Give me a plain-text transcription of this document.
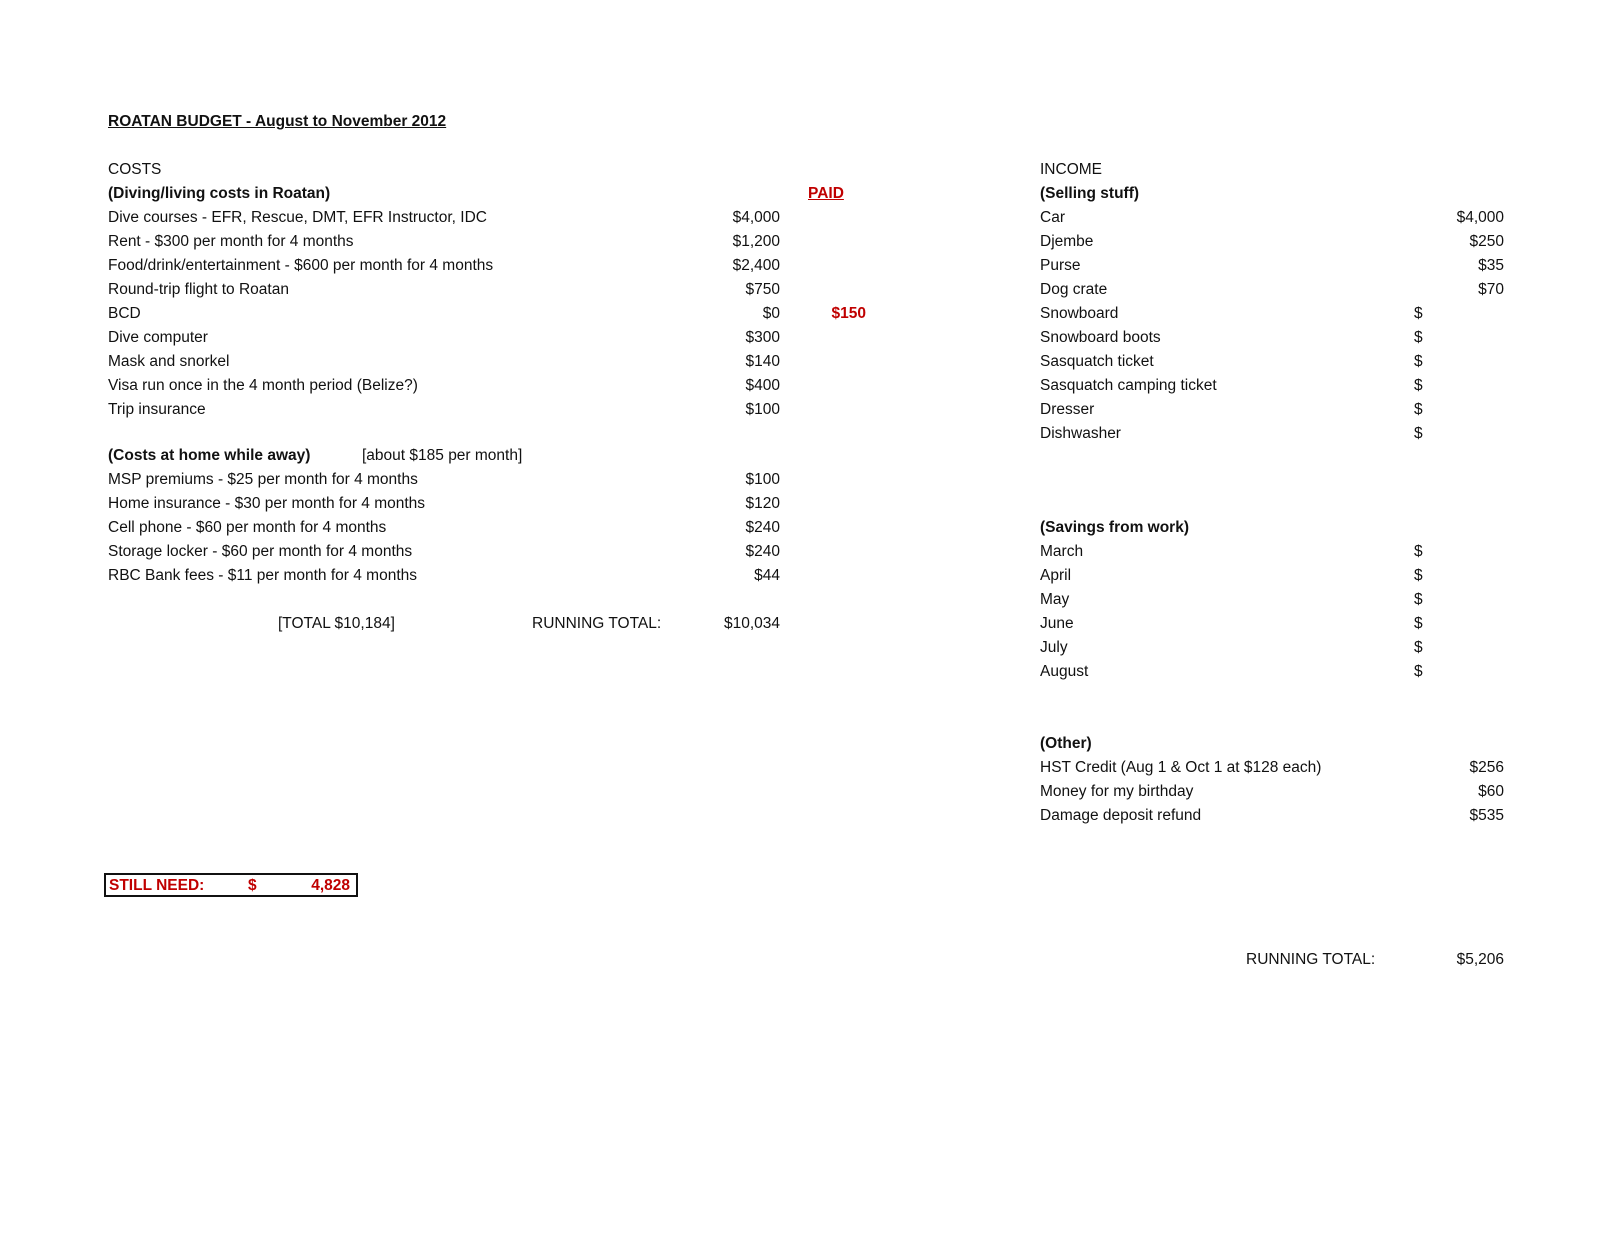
ROATAN BUDGET - August to November 2012
COSTS
(Diving/living costs in Roatan)	PAID
Dive courses - EFR, Rescue, DMT, EFR Instructor, IDC	$4,000
Rent - $300 per month for 4 months	$1,200
Food/drink/entertainment - $600 per month for 4 months	$2,400
Round-trip flight to Roatan	$750
BCD	$0	$150
Dive computer	$300
Mask and snorkel	$140
Visa run once in the 4 month period (Belize?)	$400
Trip insurance	$100
(Costs at home while away)	[about $185 per month]
MSP premiums - $25 per month for 4 months	$100
Home insurance - $30 per month for 4 months	$120
Cell phone - $60 per month for 4 months	$240
Storage locker - $60 per month for 4 months	$240
RBC Bank fees - $11 per month for 4 months	$44
[TOTAL $10,184]	RUNNING TOTAL:	$10,034
STILL NEED:	$	4,828
INCOME
(Selling stuff)
Car	$4,000
Djembe	$250
Purse	$35
Dog crate	$70
Snowboard	$
Snowboard boots	$
Sasquatch ticket	$
Sasquatch camping ticket	$
Dresser	$
Dishwasher	$
(Savings from work)
March	$
April	$
May	$
June	$
July	$
August	$
(Other)
HST Credit (Aug 1 & Oct 1 at $128 each)	$256
Money for my birthday	$60
Damage deposit refund	$535
RUNNING TOTAL:	$5,206
